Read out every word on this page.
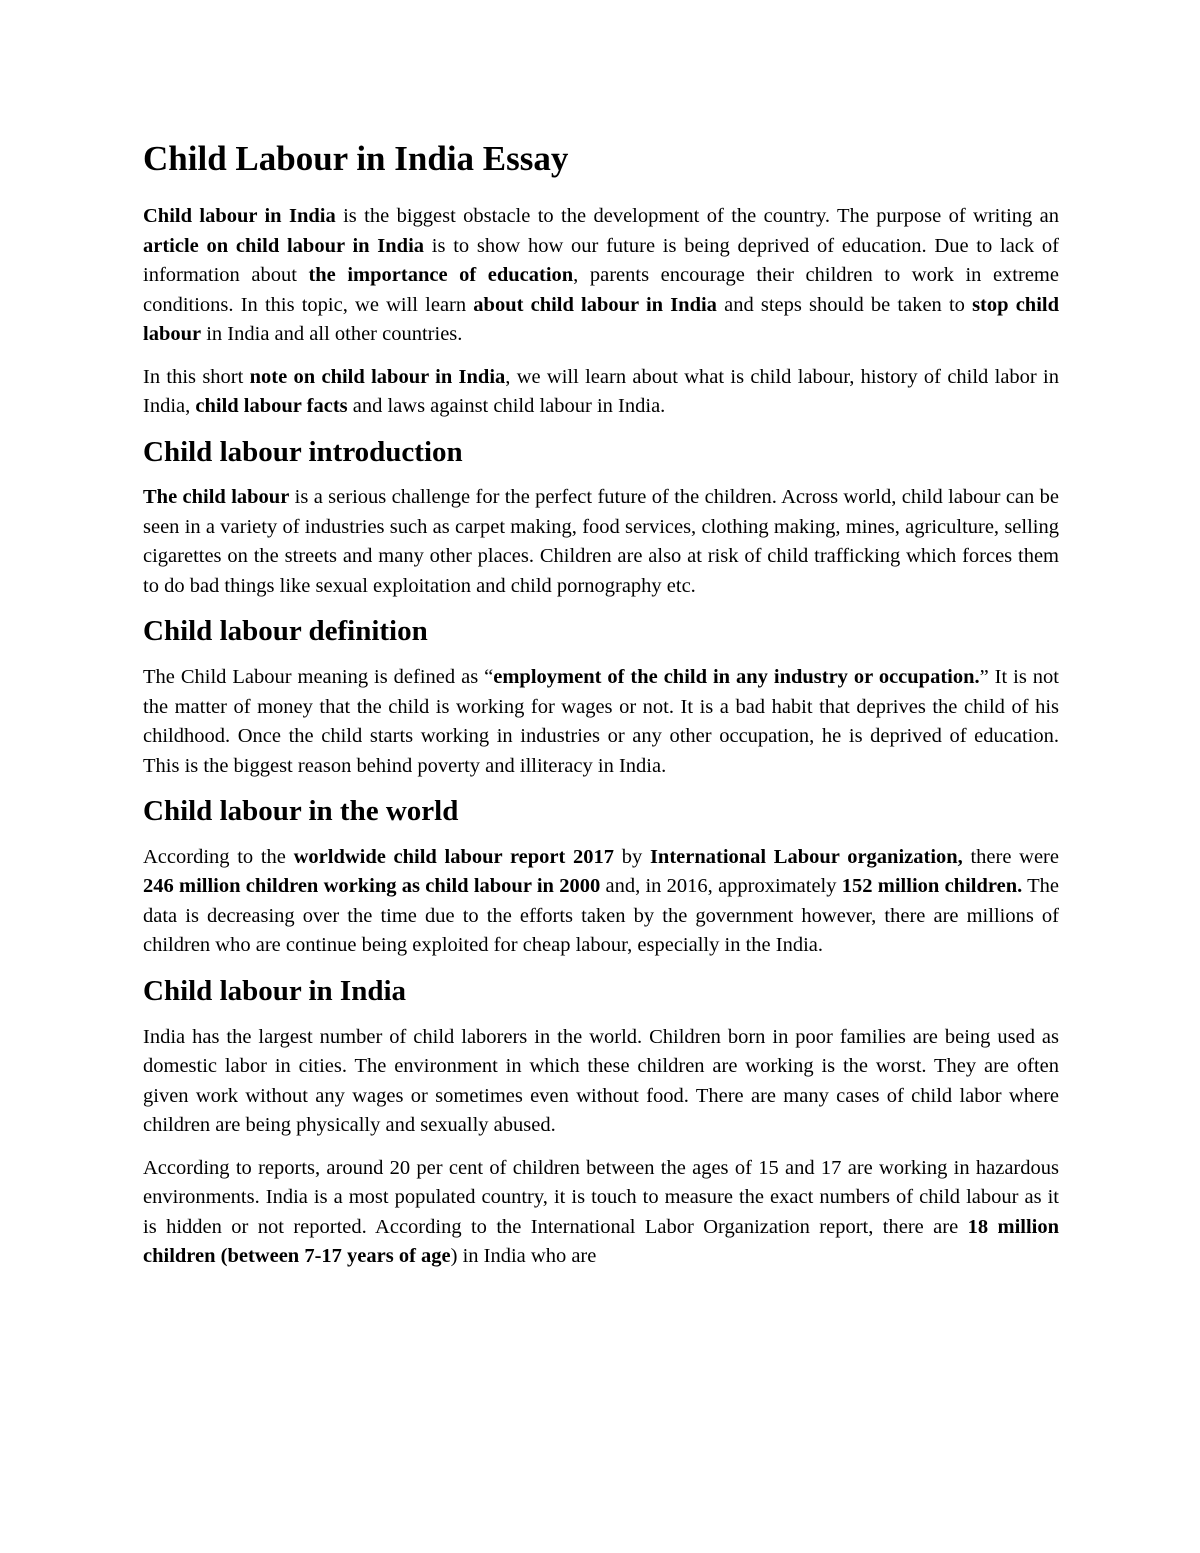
Child Labour in India Essay

Child labour in India is the biggest obstacle to the development of the country. The purpose of writing an article on child labour in India is to show how our future is being deprived of education. Due to lack of information about the importance of education, parents encourage their children to work in extreme conditions. In this topic, we will learn about child labour in India and steps should be taken to stop child labour in India and all other countries.

In this short note on child labour in India, we will learn about what is child labour, history of child labor in India, child labour facts and laws against child labour in India.

Child labour introduction

The child labour is a serious challenge for the perfect future of the children. Across world, child labour can be seen in a variety of industries such as carpet making, food services, clothing making, mines, agriculture, selling cigarettes on the streets and many other places. Children are also at risk of child trafficking which forces them to do bad things like sexual exploitation and child pornography etc.

Child labour definition

The Child Labour meaning is defined as “employment of the child in any industry or occupation.” It is not the matter of money that the child is working for wages or not. It is a bad habit that deprives the child of his childhood. Once the child starts working in industries or any other occupation, he is deprived of education. This is the biggest reason behind poverty and illiteracy in India.

Child labour in the world

According to the worldwide child labour report 2017 by International Labour organization, there were 246 million children working as child labour in 2000 and, in 2016, approximately 152 million children. The data is decreasing over the time due to the efforts taken by the government however, there are millions of children who are continue being exploited for cheap labour, especially in the India.

Child labour in India

India has the largest number of child laborers in the world. Children born in poor families are being used as domestic labor in cities. The environment in which these children are working is the worst. They are often given work without any wages or sometimes even without food. There are many cases of child labor where children are being physically and sexually abused.

According to reports, around 20 per cent of children between the ages of 15 and 17 are working in hazardous environments. India is a most populated country, it is touch to measure the exact numbers of child labour as it is hidden or not reported. According to the International Labor Organization report, there are 18 million children (between 7-17 years of age) in India who are
